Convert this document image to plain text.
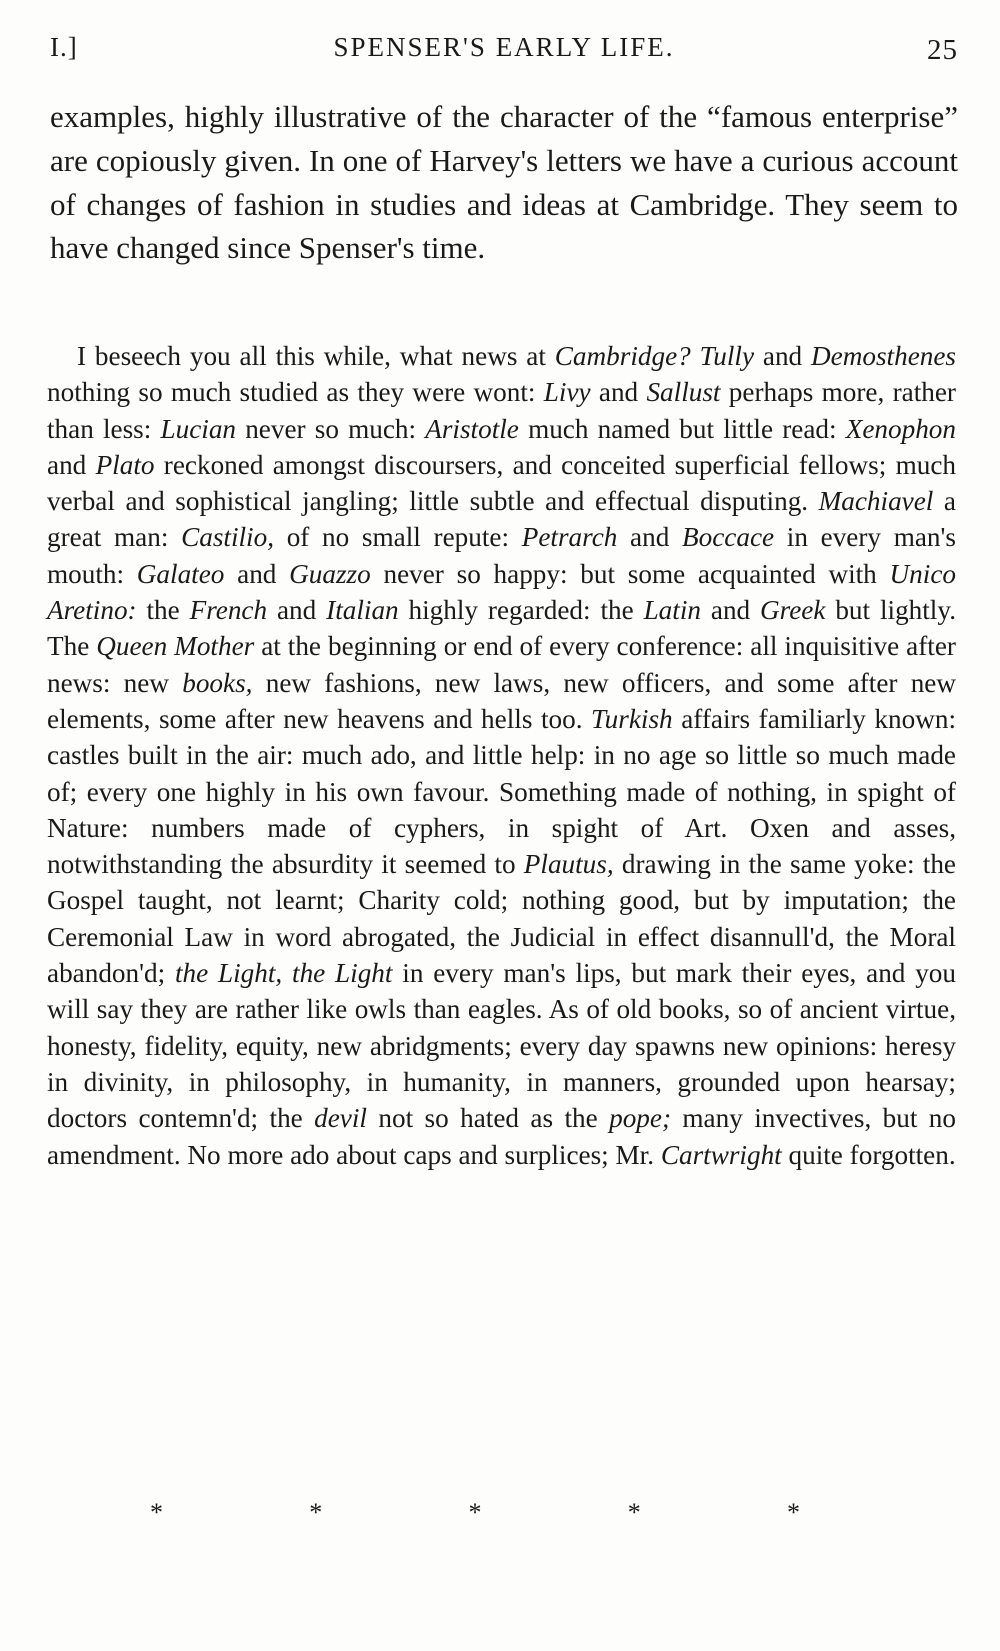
I.]	SPENSER'S EARLY LIFE.	25

examples, highly illustrative of the character of the “famous enterprise” are copiously given. In one of Harvey's letters we have a curious account of changes of fashion in studies and ideas at Cambridge. They seem to have changed since Spenser's time.

I beseech you all this while, what news at Cambridge? Tully and Demosthenes nothing so much studied as they were wont: Livy and Sallust perhaps more, rather than less: Lucian never so much: Aristotle much named but little read: Xenophon and Plato reckoned amongst discoursers, and conceited superficial fellows; much verbal and sophistical jangling; little subtle and effectual disputing. Machiavel a great man: Castilio, of no small repute: Petrarch and Boccace in every man's mouth: Galateo and Guazzo never so happy: but some acquainted with Unico Aretino: the French and Italian highly regarded: the Latin and Greek but lightly. The Queen Mother at the beginning or end of every conference: all inquisitive after news: new books, new fashions, new laws, new officers, and some after new elements, some after new heavens and hells too. Turkish affairs familiarly known: castles built in the air: much ado, and little help: in no age so little so much made of; every one highly in his own favour. Something made of nothing, in spight of Nature: numbers made of cyphers, in spight of Art. Oxen and asses, notwithstanding the absurdity it seemed to Plautus, drawing in the same yoke: the Gospel taught, not learnt; Charity cold; nothing good, but by imputation; the Ceremonial Law in word abrogated, the Judicial in effect disannull'd, the Moral abandon'd; the Light, the Light in every man's lips, but mark their eyes, and you will say they are rather like owls than eagles. As of old books, so of ancient virtue, honesty, fidelity, equity, new abridgments; every day spawns new opinions: heresy in divinity, in philosophy, in humanity, in manners, grounded upon hearsay; doctors contemn'd; the devil not so hated as the pope; many invectives, but no amendment. No more ado about caps and surplices; Mr. Cartwright quite forgotten.

*	*	*	*	*
